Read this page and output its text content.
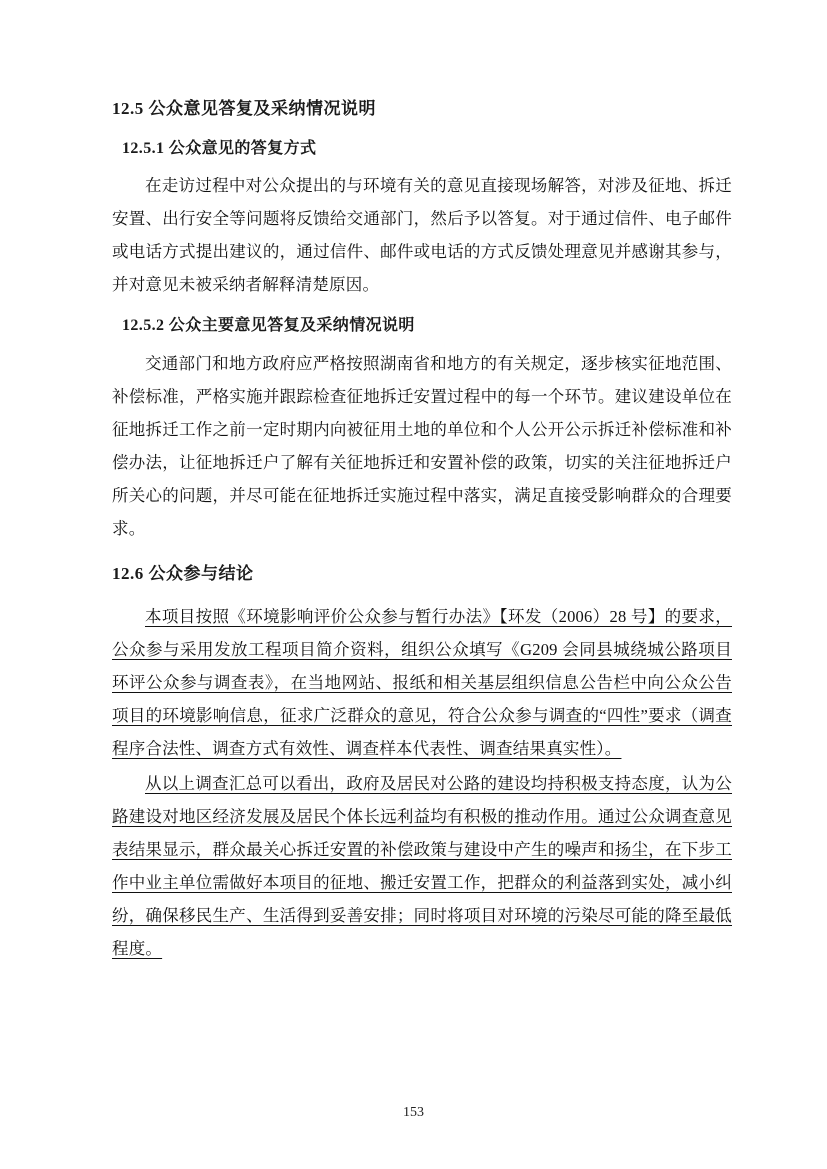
12.5 公众意见答复及采纳情况说明
12.5.1 公众意见的答复方式

在走访过程中对公众提出的与环境有关的意见直接现场解答，对涉及征地、拆迁安置、出行安全等问题将反馈给交通部门，然后予以答复。对于通过信件、电子邮件或电话方式提出建议的，通过信件、邮件或电话的方式反馈处理意见并感谢其参与，并对意见未被采纳者解释清楚原因。

12.5.2 公众主要意见答复及采纳情况说明

交通部门和地方政府应严格按照湖南省和地方的有关规定，逐步核实征地范围、补偿标准，严格实施并跟踪检查征地拆迁安置过程中的每一个环节。建议建设单位在征地拆迁工作之前一定时期内向被征用土地的单位和个人公开公示拆迁补偿标准和补偿办法，让征地拆迁户了解有关征地拆迁和安置补偿的政策，切实的关注征地拆迁户所关心的问题，并尽可能在征地拆迁实施过程中落实，满足直接受影响群众的合理要求。

12.6 公众参与结论

本项目按照《环境影响评价公众参与暂行办法》【环发（2006）28 号】的要求，公众参与采用发放工程项目简介资料，组织公众填写《G209 会同县城绕城公路项目环评公众参与调查表》，在当地网站、报纸和相关基层组织信息公告栏中向公众公告项目的环境影响信息，征求广泛群众的意见，符合公众参与调查的“四性”要求（调查程序合法性、调查方式有效性、调查样本代表性、调查结果真实性）。

从以上调查汇总可以看出，政府及居民对公路的建设均持积极支持态度，认为公路建设对地区经济发展及居民个体长远利益均有积极的推动作用。通过公众调查意见表结果显示，群众最关心拆迁安置的补偿政策与建设中产生的噪声和扬尘，在下步工作中业主单位需做好本项目的征地、搬迁安置工作，把群众的利益落到实处，减小纠纷，确保移民生产、生活得到妥善安排；同时将项目对环境的污染尽可能的降至最低程度。

153
